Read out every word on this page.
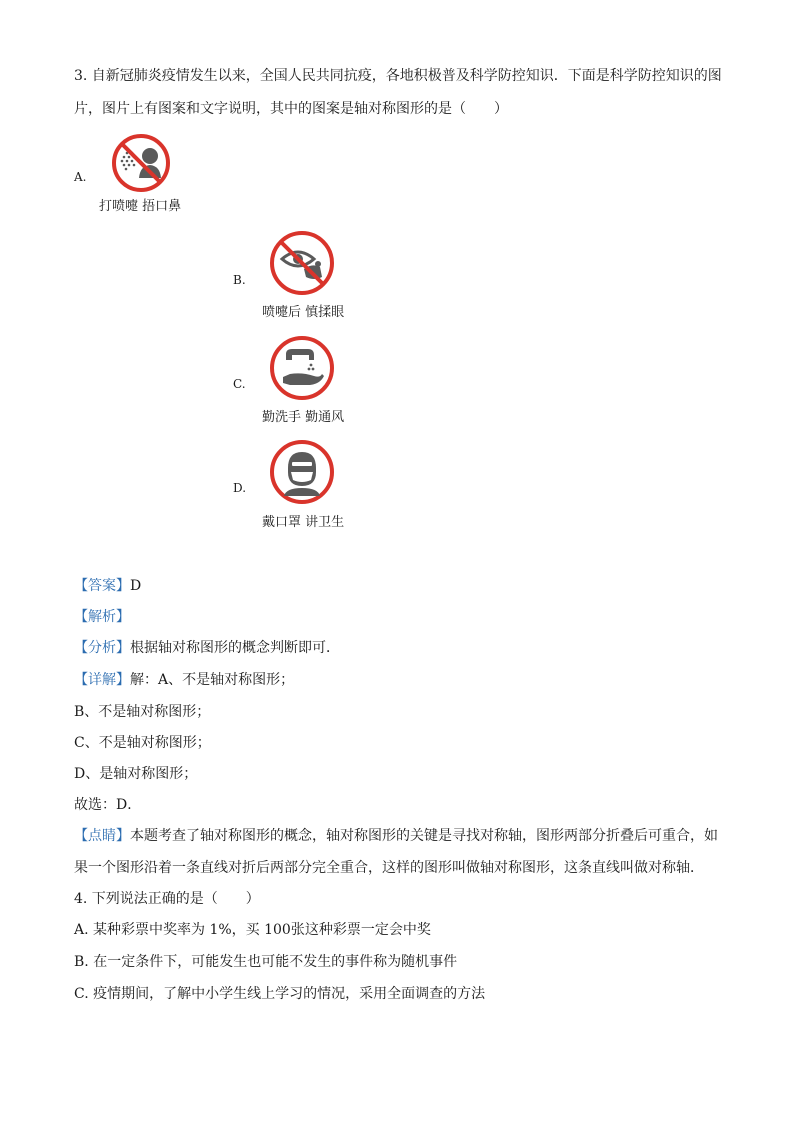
3. 自新冠肺炎疫情发生以来，全国人民共同抗疫，各地积极普及科学防控知识．下面是科学防控知识的图
片，图片上有图案和文字说明，其中的图案是轴对称图形的是（　　）
A.
打喷嚏 捂口鼻
B.
喷嚏后 慎揉眼
C.
勤洗手 勤通风
D.
戴口罩 讲卫生
【答案】D
【解析】
【分析】根据轴对称图形的概念判断即可．
【详解】解：A、不是轴对称图形；
B、不是轴对称图形；
C、不是轴对称图形；
D、是轴对称图形；
故选：D．
【点睛】本题考查了轴对称图形的概念，轴对称图形的关键是寻找对称轴，图形两部分折叠后可重合，如
果一个图形沿着一条直线对折后两部分完全重合，这样的图形叫做轴对称图形，这条直线叫做对称轴．
4. 下列说法正确的是（　　）
A. 某种彩票中奖率为 1%，买 100张这种彩票一定会中奖
B. 在一定条件下，可能发生也可能不发生的事件称为随机事件
C. 疫情期间，了解中小学生线上学习的情况，采用全面调查的方法
